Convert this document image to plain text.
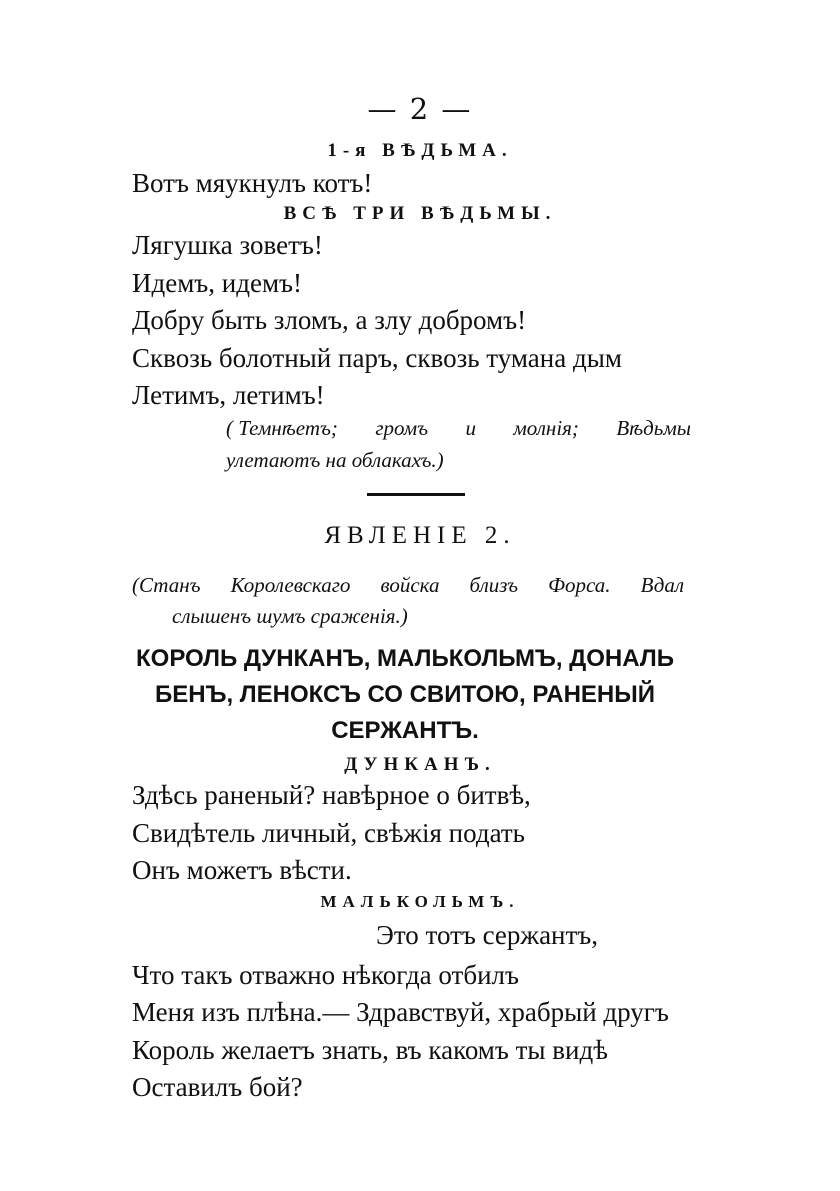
— 2 —
1-я ВѢДЬМА.
Вотъ мяукнулъ котъ!
ВСѢ ТРИ ВѢДЬМЫ.
Лягушка зоветъ!
Идемъ, идемъ!
Добру быть зломъ, а злу добромъ!
Сквозь болотный паръ, сквозь тумана дым
Летимъ, летимъ!
( Темнѣетъ; громъ и молнія; Вѣдьмы
улетаютъ на облакахъ.)
ЯВЛЕНІЕ 2.
(Станъ Королевскаго войска близъ Форса. Вдал
слышенъ шумъ сраженія.)
КОРОЛЬ ДУНКАНЪ, МАЛЬКОЛЬМЪ, ДОНАЛЬ
БЕНЪ, ЛЕНОКСЪ СО СВИТОЮ, РАНЕНЫЙ
СЕРЖАНТЪ.
ДУНКАНЪ.
Здѣсь раненый? навѣрное о битвѣ,
Свидѣтель личный, свѣжія подать
Онъ можетъ вѣсти.
МАЛЬКОЛЬМЪ.
Это тотъ сержантъ,
Что такъ отважно нѣкогда отбилъ
Меня изъ плѣна.— Здравствуй, храбрый другъ
Король желаетъ знать, въ какомъ ты видѣ
Оставилъ бой?
